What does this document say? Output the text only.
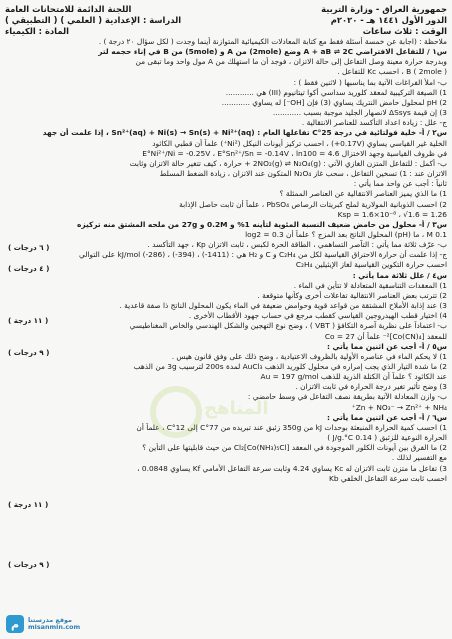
جمهورية العراق - وزارة التربية
الدور الأول ١٤٤١ هـ - ٢٠٢٠م
الوقت : ثلاث ساعات
اللجنة الدائمة للامتحانات العامة
الدراسة : الإعدادية ( العلمي ) ( التطبيقي )
المادة : الكيمياء
ملاحظة : (اجابة عن خمسة أسئلة فقط مع كتابة المعادلات الكيميائية المتوازنة أينما وجدت ( لكل سؤال ٢٠ درجة ) .
س١ / للتفاعل الافتراضي A + aB ⇌ 2C وضع (2mole) من A و (5mole) من B في إناء حجمه لتر
وبدرجة حرارة معينة وصل التفاعل إلى حالة الاتزان ، فوجد أن ما استهلك من A مول واحد وما تبقى من
B ( 2mole ) ، احسب Kc للتفاعل .
ب- املأ الفراغات الآتية بما يناسبها ( لاثنين فقط ) :
1) الصيغة التركيبية لمعقد كلوريد سداسي أكوا تيتانيوم (III) هي ............
2) pH لمحلول حامض النتريك يساوي (3) فإن [OH⁻] له يساوي ............
3) إن قيمة ΔSsys لانصهار الجليد موجبة بسبب ............
ج- علل : زيادة اعداد التأكسد للعناصر الانتقالية .
س٢ / أ- خلية فولتائية في درجة 25°C تفاعلها العام : Sn²⁺(aq) + Ni(s) → Sn(s) + Ni²⁺(aq) ، إذا علمت أن جهد
الخلية غير القياسي يساوي (0.17V+) ، احسب تركيز أيونات النيكل (Ni²⁺) علماً أن قطبي الكاثود
في ظروف القياسية وجهد الاختزال E°Ni²⁺/Ni = -0.25V ، E°Sn²⁺/Sn = -0.14V ، ln100 = 4.6
ب- أكمل : للتفاعل المتزن الغازي الآتي : 2NO₂(g) ⇌ N₂O₄(g) + حرارة ، كيف تتغير حالة الاتزان وثابت
الاتزان عند : 1) تسخين التفاعل ، سحب غاز N₂O₄ المتكون عند الاتزان ، زيادة الضغط المسلط
ثانياً : أجب عن واحد مما يأتي :
1) ما الذي يميز العناصر الانتقالية عن العناصر الممثلة ؟
2) احسب الذوبانية المولارية لملح كبريتات الرصاص PbSO₄ ، علماً أن ثابت حاصل الإذابة
Ksp = 1.6×10⁻⁸ ، √1.6 = 1.26
س٣ / أ- محلول من حامض ضعيف النسبة المئوية لتأينه 1% و 0.2M و 27g من ملحه المشتق منه تركيزه
0.1 M ، ما (pH) المحلول الناتج بعد المزج ؟ علماً أن log2 = 0.3
ب- عرّف ثلاثة مما يأتي : التآصر التساهمي ، الطاقة الحرة لكبس ، ثابت الاتزان Kp ، جهد التأكسد .
ج- إذا علمت أن حرارة الاحتراق القياسية لكل من C₂H₄ و C و H₂ هي : (1411-) ، (394-) ، (286-) kJ/mol على التوالي
احسب حرارة التكوين القياسية لغاز الإيثيلين C₂H₄
س٤ / علل ثلاثة مما يأتي :
1) المعقدات التناسقية المتعادلة لا تتأين في الماء .
2) تترتب بعض العناصر الانتقالية تفاعلات أخرى وكأنها متوقعة .
3) عند إذابة الأملاح المشتقة من قواعد قوية وحوامض ضعيفة في الماء يكون المحلول الناتج ذا صفة قاعدية .
4) اختيار قطب الهيدروجين القياسي كقطب مرجع في حساب جهود الأقطاب الأخرى .
ب- اعتماداً على نظرية آصرة التكافؤ ( VBT ) ، وضح نوع التهجين والشكل الهندسي والخاص المغناطيسي
للمعقد [Co(CN)₄]²⁻ علماً أن Co = 27
س٥ / أ- أجب عن اثنين مما يأتي :
1) لا يحكم الماء في عناصره الأولية بالظروف الاعتيادية ، وضح ذلك على وفق قانون هيس .
2) ما شدة التيار الذي يجب إمراره في محلول كلوريد الذهب AuCl₃ لمدة 200s لترسيب 3g من الذهب
عند الكاثود ؟ علماً أن الكتلة الذرية للذهب Au = 197 g/mol
3) وضح تأثير تغير درجة الحرارة في ثابت الاتزان .
ب- وازن المعادلة الآتية بطريقة نصف التفاعل في وسط حامضي :
Zn + NO₃⁻ → Zn²⁺ + NH₄⁺
س٦ / أ- أجب عن اثنين مما يأتي :
1) احسب كمية الحرارة المنبعثة بوحدات kJ من 350g زئبق عند تبريده من 77°C إلى 12°C ، علماً أن
الحرارة النوعية للزئبق ( 0.14 J/g.°C )
2) ما الفرق بين أيونات الكلور الموجودة في المعقد [Co(NH₃)₅Cl]Cl₂ من حيث قابليتها على التأين ؟
مع التفسير لذلك .
3) تفاعل ما متزن ثابت الاتزان له Kc يساوي 4.24 وثابت سرعة التفاعل الأمامي Kf يساوي 0.0848 ،
احسب ثابت سرعة التفاعل الخلفي Kb
( ٦ درجات )
( ٤ درجات )
( ١١ درجة )
( ٩ درجات )
( ١١ درجة )
( ٩ درجات )
المناهج
م	موقع مدرستنا
misanmin.com
